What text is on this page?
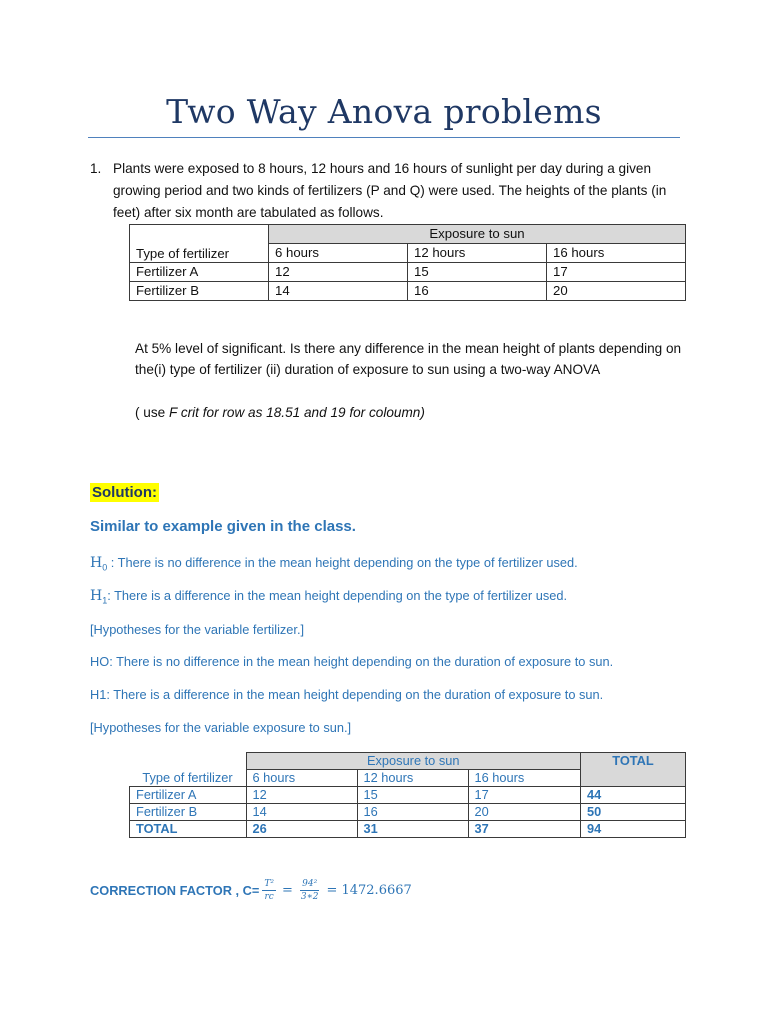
Two Way Anova problems
1. Plants were exposed to 8 hours, 12 hours and 16 hours of sunlight per day during a given growing period and two kinds of fertilizers (P and Q) were used. The heights of the plants (in feet) after six month are tabulated as follows.
Type of fertilizer	Exposure to sun		
	6 hours	12 hours	16 hours
Fertilizer A	12	15	17
Fertilizer B	14	16	20
At 5% level of significant. Is there any difference in the mean height of plants depending on the(i) type of fertilizer (ii) duration of exposure to sun using a two-way ANOVA
( use F crit for row as 18.51 and 19 for coloumn)
Solution:
Similar to example given in the class.
$H_0$ : There is no difference in the mean height depending on the type of fertilizer used.
$H_1$: There is a difference in the mean height depending on the type of fertilizer used.
[Hypotheses for the variable fertilizer.]
HO: There is no difference in the mean height depending on the duration of exposure to sun.
H1: There is a difference in the mean height depending on the duration of exposure to sun.
[Hypotheses for the variable exposure to sun.]
Type of fertilizer	Exposure to sun			TOTAL
	6 hours	12 hours	16 hours	
Fertilizer A	12	15	17	44
Fertilizer B	14	16	20	50
TOTAL	26	31	37	94
CORRECTION FACTOR , $C= \frac{\text{T²}}{rc} = \frac{\text{94²}}{3∗2} = 1472.6667$
